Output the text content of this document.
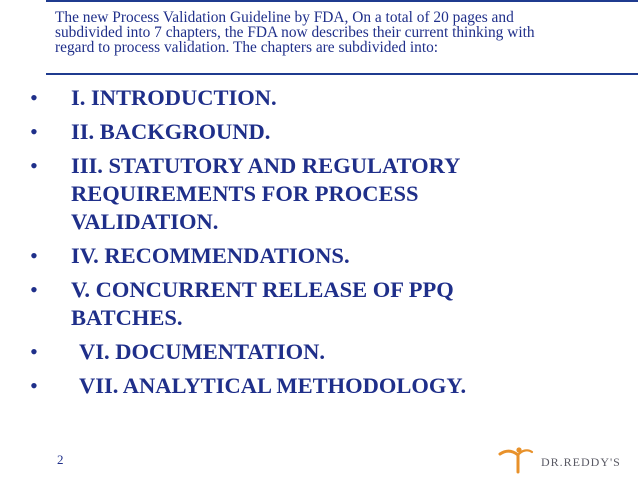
The new Process Validation Guideline by FDA, On a total of 20 pages and subdivided into 7 chapters, the FDA now describes their current thinking with regard to process validation. The chapters are subdivided into:

• I. INTRODUCTION.
• II. BACKGROUND.
• III. STATUTORY AND REGULATORY REQUIREMENTS FOR PROCESS VALIDATION.
• IV. RECOMMENDATIONS.
• V. CONCURRENT RELEASE OF PPQ BATCHES.
• VI. DOCUMENTATION.
• VII. ANALYTICAL METHODOLOGY.
2	DR.REDDY'S
